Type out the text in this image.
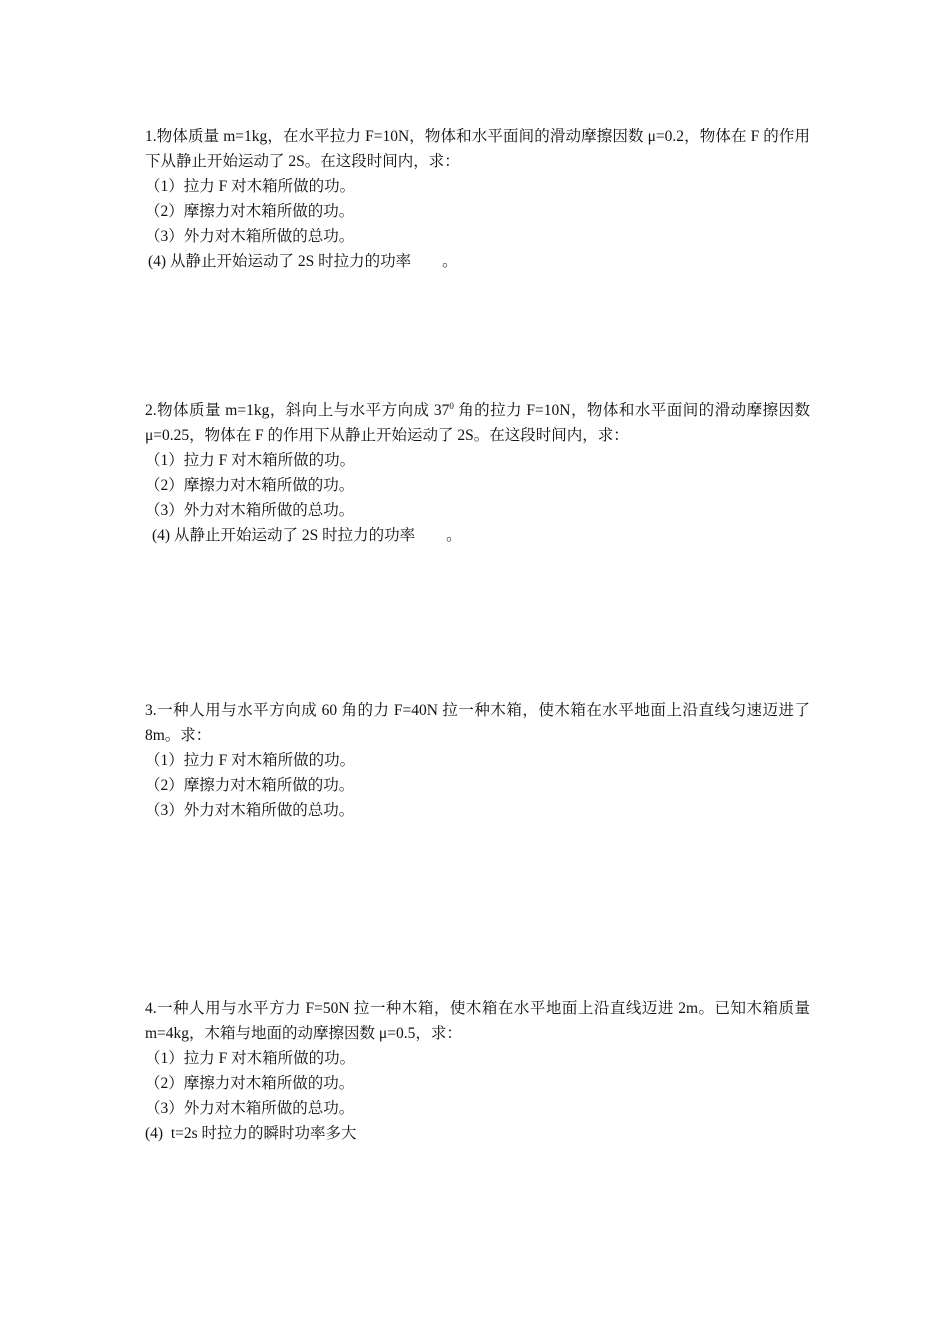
1.物体质量 m=1kg，在水平拉力 F=10N，物体和水平面间的滑动摩擦因数 μ=0.2，物体在 F 的作用下从静止开始运动了 2S。在这段时间内，求：

（1）拉力 F 对木箱所做的功。

（2）摩擦力对木箱所做的功。

（3）外力对木箱所做的总功。

(4) 从静止开始运动了 2S 时拉力的功率        。

2.物体质量 m=1kg，斜向上与水平方向成 $37^0$ 角的拉力 F=10N，物体和水平面间的滑动摩擦因数 μ=0.25，物体在 F 的作用下从静止开始运动了 2S。在这段时间内，求：

（1）拉力 F 对木箱所做的功。

（2）摩擦力对木箱所做的功。

（3）外力对木箱所做的总功。

(4) 从静止开始运动了 2S 时拉力的功率        。

3.一种人用与水平方向成 60 角的力 F=40N 拉一种木箱，使木箱在水平地面上沿直线匀速迈进了 8m。求：

（1）拉力 F 对木箱所做的功。

（2）摩擦力对木箱所做的功。

（3）外力对木箱所做的总功。

4.一种人用与水平方力 F=50N 拉一种木箱，使木箱在水平地面上沿直线迈进 2m。已知木箱质量 m=4kg，木箱与地面的动摩擦因数 μ=0.5，求：

（1）拉力 F 对木箱所做的功。

（2）摩擦力对木箱所做的功。

（3）外力对木箱所做的总功。

(4)  t=2s 时拉力的瞬时功率多大
